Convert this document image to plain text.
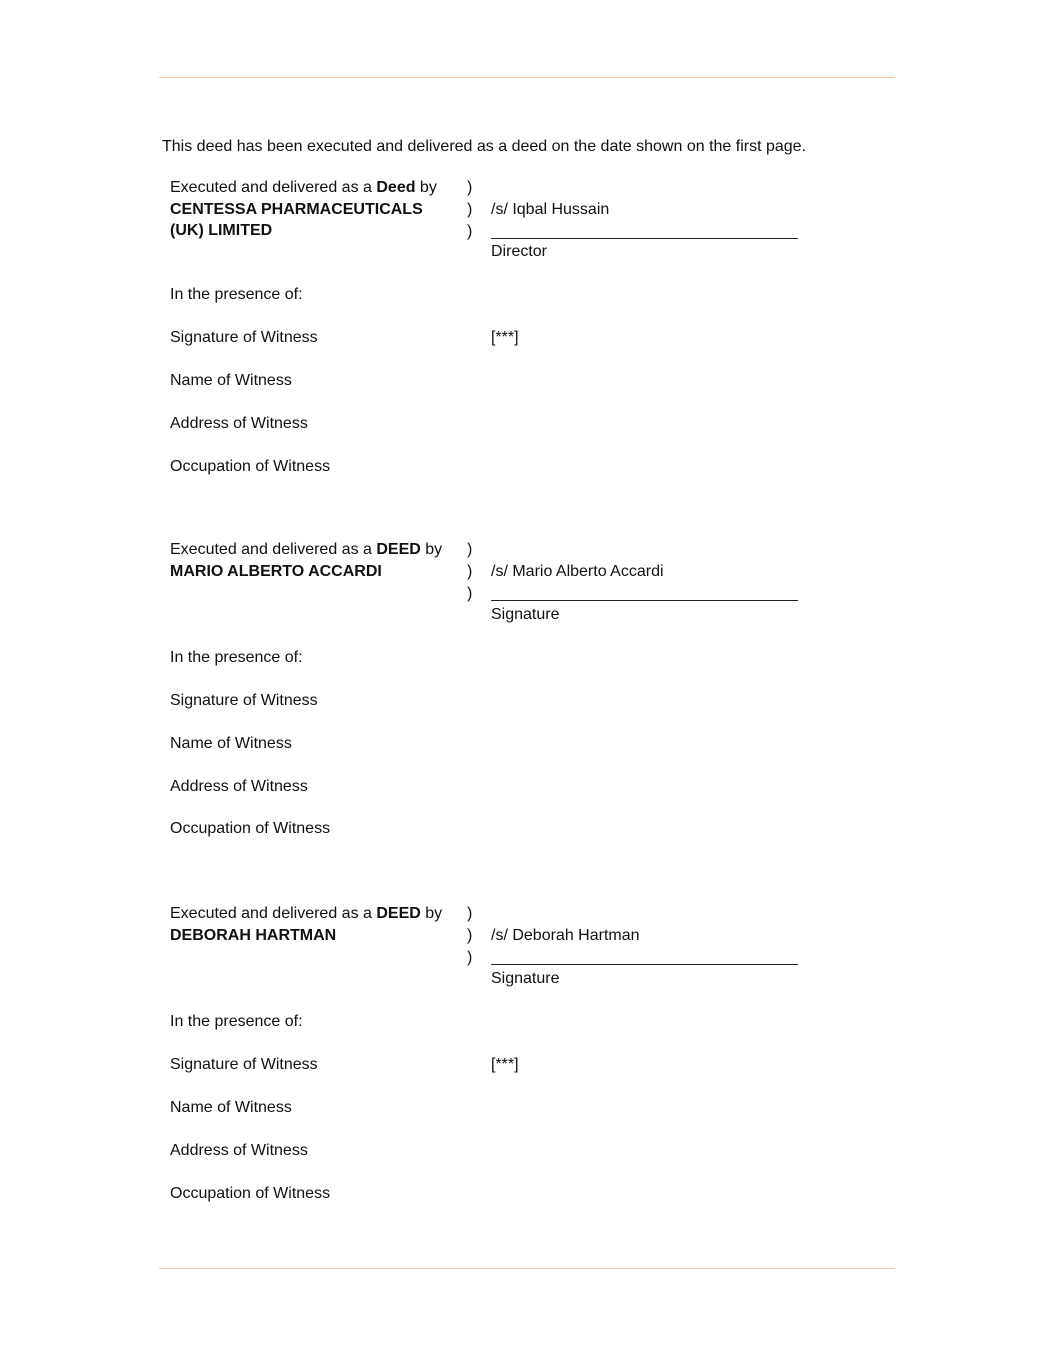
This deed has been executed and delivered as a deed on the date shown on the first page.
Executed and delivered as a Deed by
CENTESSA PHARMACEUTICALS
(UK) LIMITED
)
)
)
/s/ Iqbal Hussain
Director
In the presence of:
Signature of Witness	[***]
Name of Witness
Address of Witness
Occupation of Witness
Executed and delivered as a DEED by
MARIO ALBERTO ACCARDI
)
)
)
/s/ Mario Alberto Accardi
Signature
In the presence of:
Signature of Witness
Name of Witness
Address of Witness
Occupation of Witness
Executed and delivered as a DEED by
DEBORAH HARTMAN
)
)
)
/s/ Deborah Hartman
Signature
In the presence of:
Signature of Witness	[***]
Name of Witness
Address of Witness
Occupation of Witness
